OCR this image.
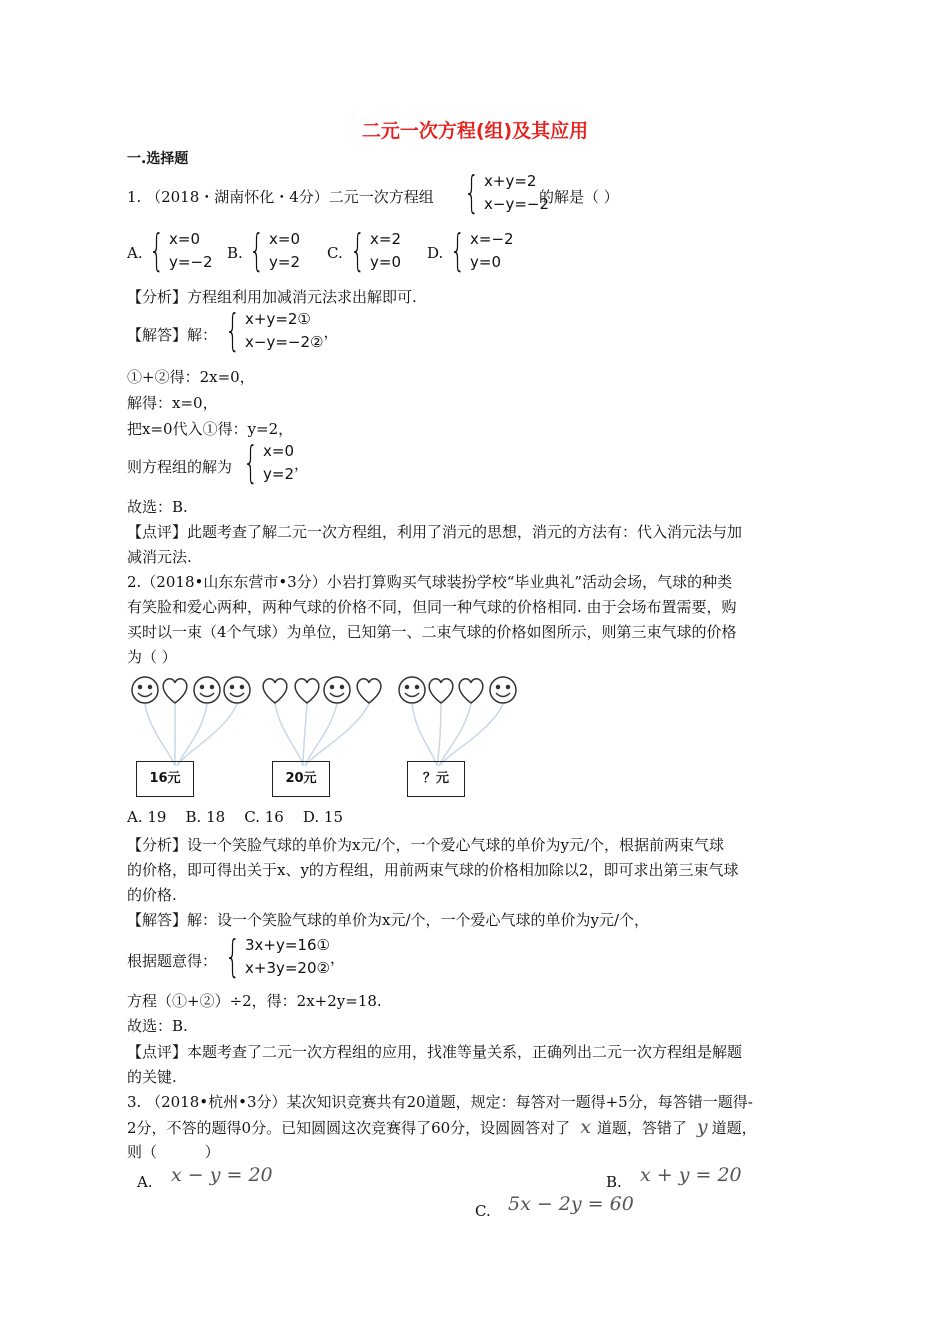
二元一次方程(组)及其应用
一.选择题
1. （2018・湖南怀化・4分）二元一次方程组 { x+y=2
x−y=−2
的解是（ ）
A. { x=0
y=−2 B. { x=0
y=2 C. { x=2
y=0 D. { x=−2
y=0
【分析】方程组利用加减消元法求出解即可.
【解答】解： { x+y=2①
x−y=−2②
，
①+②得：2x=0，
解得：x=0，
把x=0代入①得：y=2，
则方程组的解为 { x=0
y=2
，
故选：B.
【点评】此题考查了解二元一次方程组，利用了消元的思想，消元的方法有：代入消元法与加
减消元法.
2.（2018•山东东营市•3分）小岩打算购买气球装扮学校“毕业典礼”活动会场，气球的种类
有笑脸和爱心两种，两种气球的价格不同，但同一种气球的价格相同. 由于会场布置需要，购
买时以一束（4个气球）为单位，已知第一、二束气球的价格如图所示，则第三束气球的价格
为（ ）
16元	20元	？元
A. 19    B. 18    C. 16    D. 15
【分析】设一个笑脸气球的单价为x元/个，一个爱心气球的单价为y元/个，根据前两束气球
的价格，即可得出关于x、y的方程组，用前两束气球的价格相加除以2，即可求出第三束气球
的价格.
【解答】解：设一个笑脸气球的单价为x元/个，一个爱心气球的单价为y元/个，
根据题意得： { 3x+y=16①
x+3y=20②
，
方程（①+②）÷2，得：2x+2y=18.
故选：B.
【点评】本题考查了二元一次方程组的应用，找准等量关系，正确列出二元一次方程组是解题
的关键.
3. （2018•杭州•3分）某次知识竞赛共有20道题，规定：每答对一题得+5分，每答错一题得-
2分，不答的题得0分。已知圆圆这次竞赛得了60分，设圆圆答对了 x 道题，答错了 y 道题，
则（          ）
A. x − y = 20	B. x + y = 20
C. 5x − 2y = 60
